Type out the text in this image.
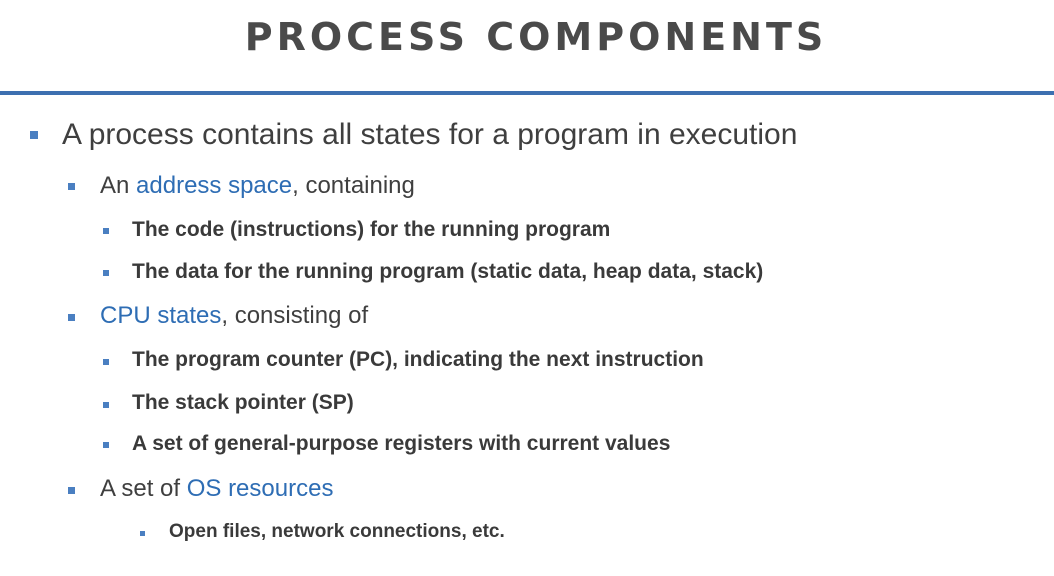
PROCESS COMPONENTS
A process contains all states for a program in execution
An address space, containing
The code (instructions) for the running program
The data for the running program (static data, heap data, stack)
CPU states, consisting of
The program counter (PC), indicating the next instruction
The stack pointer (SP)
A set of general-purpose registers with current values
A set of OS resources
Open files, network connections, etc.
